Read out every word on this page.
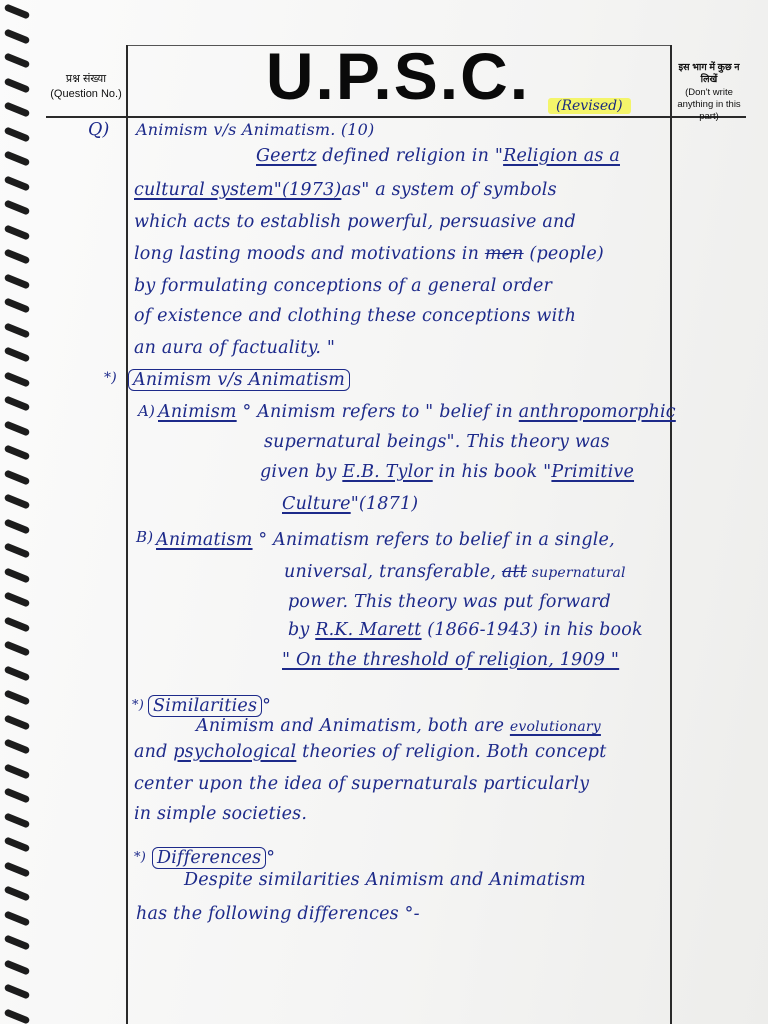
प्रश्न संख्या
(Question No.)	U.P.S.C.	(Revised)
इस भाग में कुछ न लिखें
(Don't write anything in this part)
Q) Animism v/s Animatism. (10)
Geertz defined religion in "Religion as a
cultural system"(1973)as" a system of symbols
which acts to establish powerful, persuasive and
long lasting moods and motivations in men (people)
by formulating conceptions of a general order
of existence and clothing these conceptions with
an aura of factuality. "
*) Animism v/s Animatism
A) Animism ° Animism refers to " belief in anthropomorphic
supernatural beings". This theory was
given by E.B. Tylor in his book "Primitive
Culture"(1871)
B) Animatism ° Animatism refers to belief in a single,
universal, transferable, att supernatural
power. This theory was put forward
by R.K. Marett (1866-1943) in his book
" On the threshold of religion, 1909 "
*) Similarities °
Animism and Animatism, both are evolutionary
and psychological theories of religion. Both concept
center upon the idea of supernaturals particularly
in simple societies.
*) Differences °
Despite similarities Animism and Animatism
has the following differences °-
